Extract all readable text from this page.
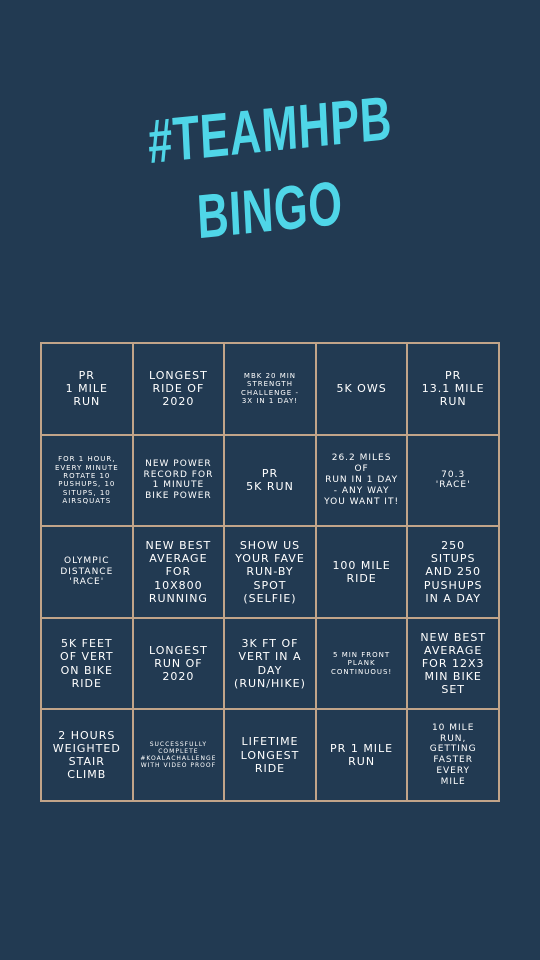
#TEAMHPB
BINGO
PR
1 MILE
RUN
LONGEST
RIDE OF
2020
MBK 20 MIN
STRENGTH
CHALLENGE -
3X IN 1 DAY!
5K OWS
PR
13.1 MILE
RUN
FOR 1 HOUR,
EVERY MINUTE
ROTATE 10
PUSHUPS, 10
SITUPS, 10
AIRSQUATS
NEW POWER
RECORD FOR
1 MINUTE
BIKE POWER
PR
5K RUN
26.2 MILES OF
RUN IN 1 DAY
- ANY WAY
YOU WANT IT!
70.3
'RACE'
OLYMPIC
DISTANCE
'RACE'
NEW BEST
AVERAGE
FOR
10X800
RUNNING
SHOW US
YOUR FAVE
RUN-BY
SPOT
(SELFIE)
100 MILE
RIDE
250
SITUPS
AND 250
PUSHUPS
IN A DAY
5K FEET
OF VERT
ON BIKE
RIDE
LONGEST
RUN OF
2020
3K FT OF
VERT IN A
DAY
(RUN/HIKE)
5 MIN FRONT
PLANK
CONTINUOUS!
NEW BEST
AVERAGE
FOR 12X3
MIN BIKE
SET
2 HOURS
WEIGHTED
STAIR
CLIMB
SUCCESSFULLY
COMPLETE
#KOALACHALLENGE
WITH VIDEO PROOF
LIFETIME
LONGEST
RIDE
PR 1 MILE
RUN
10 MILE
RUN,
GETTING
FASTER
EVERY
MILE
